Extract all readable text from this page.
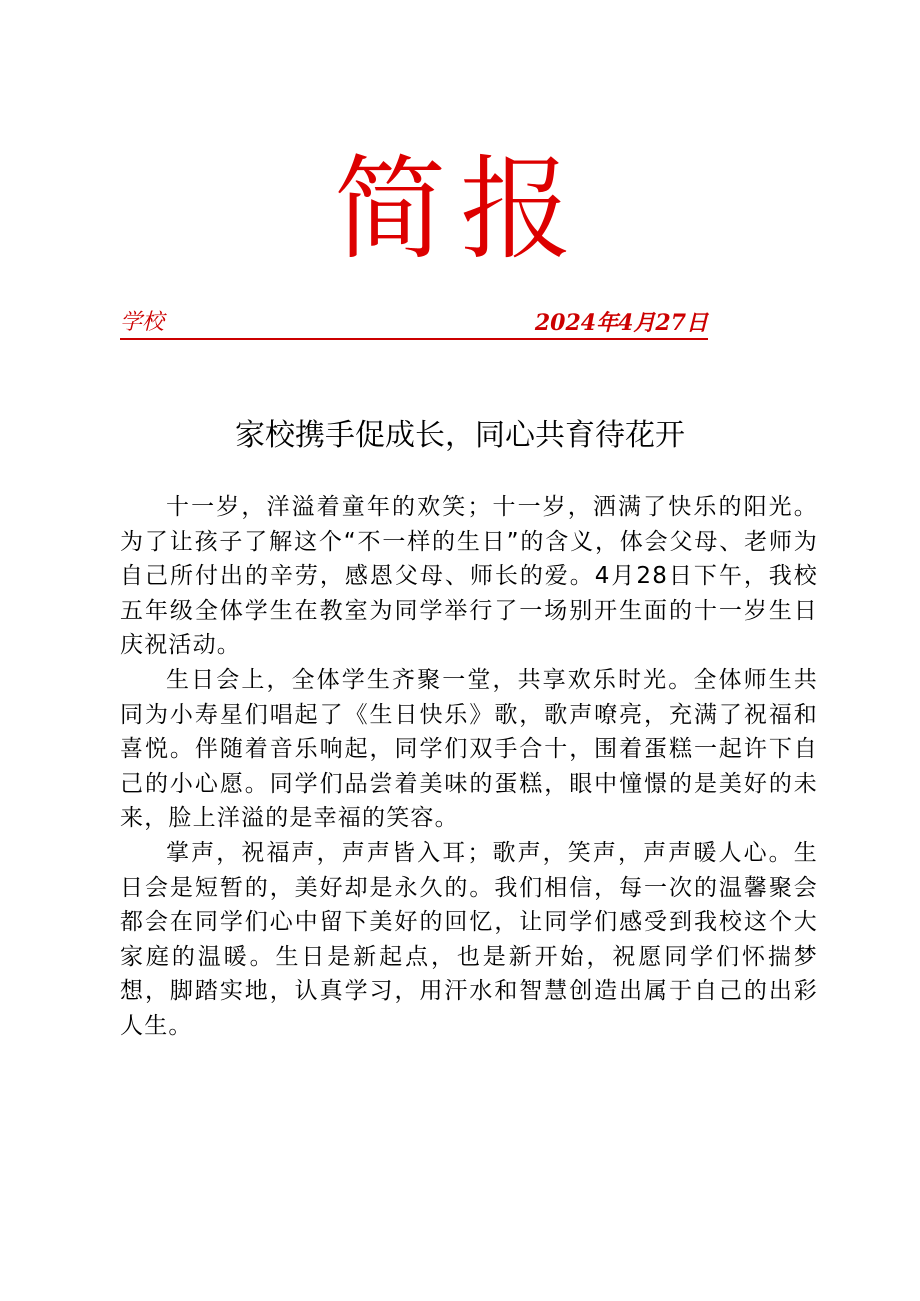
简报
学校	2024年4月27日
家校携手促成长，同心共育待花开

十一岁，洋溢着童年的欢笑；十一岁，洒满了快乐的阳光。为了让孩子了解这个“不一样的生日”的含义，体会父母、老师为自己所付出的辛劳，感恩父母、师长的爱。4月28日下午，我校五年级全体学生在教室为同学举行了一场别开生面的十一岁生日庆祝活动。

生日会上，全体学生齐聚一堂，共享欢乐时光。全体师生共同为小寿星们唱起了《生日快乐》歌，歌声嘹亮，充满了祝福和喜悦。伴随着音乐响起，同学们双手合十，围着蛋糕一起许下自己的小心愿。同学们品尝着美味的蛋糕，眼中憧憬的是美好的未来，脸上洋溢的是幸福的笑容。

掌声，祝福声，声声皆入耳；歌声，笑声，声声暖人心。生日会是短暂的，美好却是永久的。我们相信，每一次的温馨聚会都会在同学们心中留下美好的回忆，让同学们感受到我校这个大家庭的温暖。生日是新起点，也是新开始，祝愿同学们怀揣梦想，脚踏实地，认真学习，用汗水和智慧创造出属于自己的出彩人生。
